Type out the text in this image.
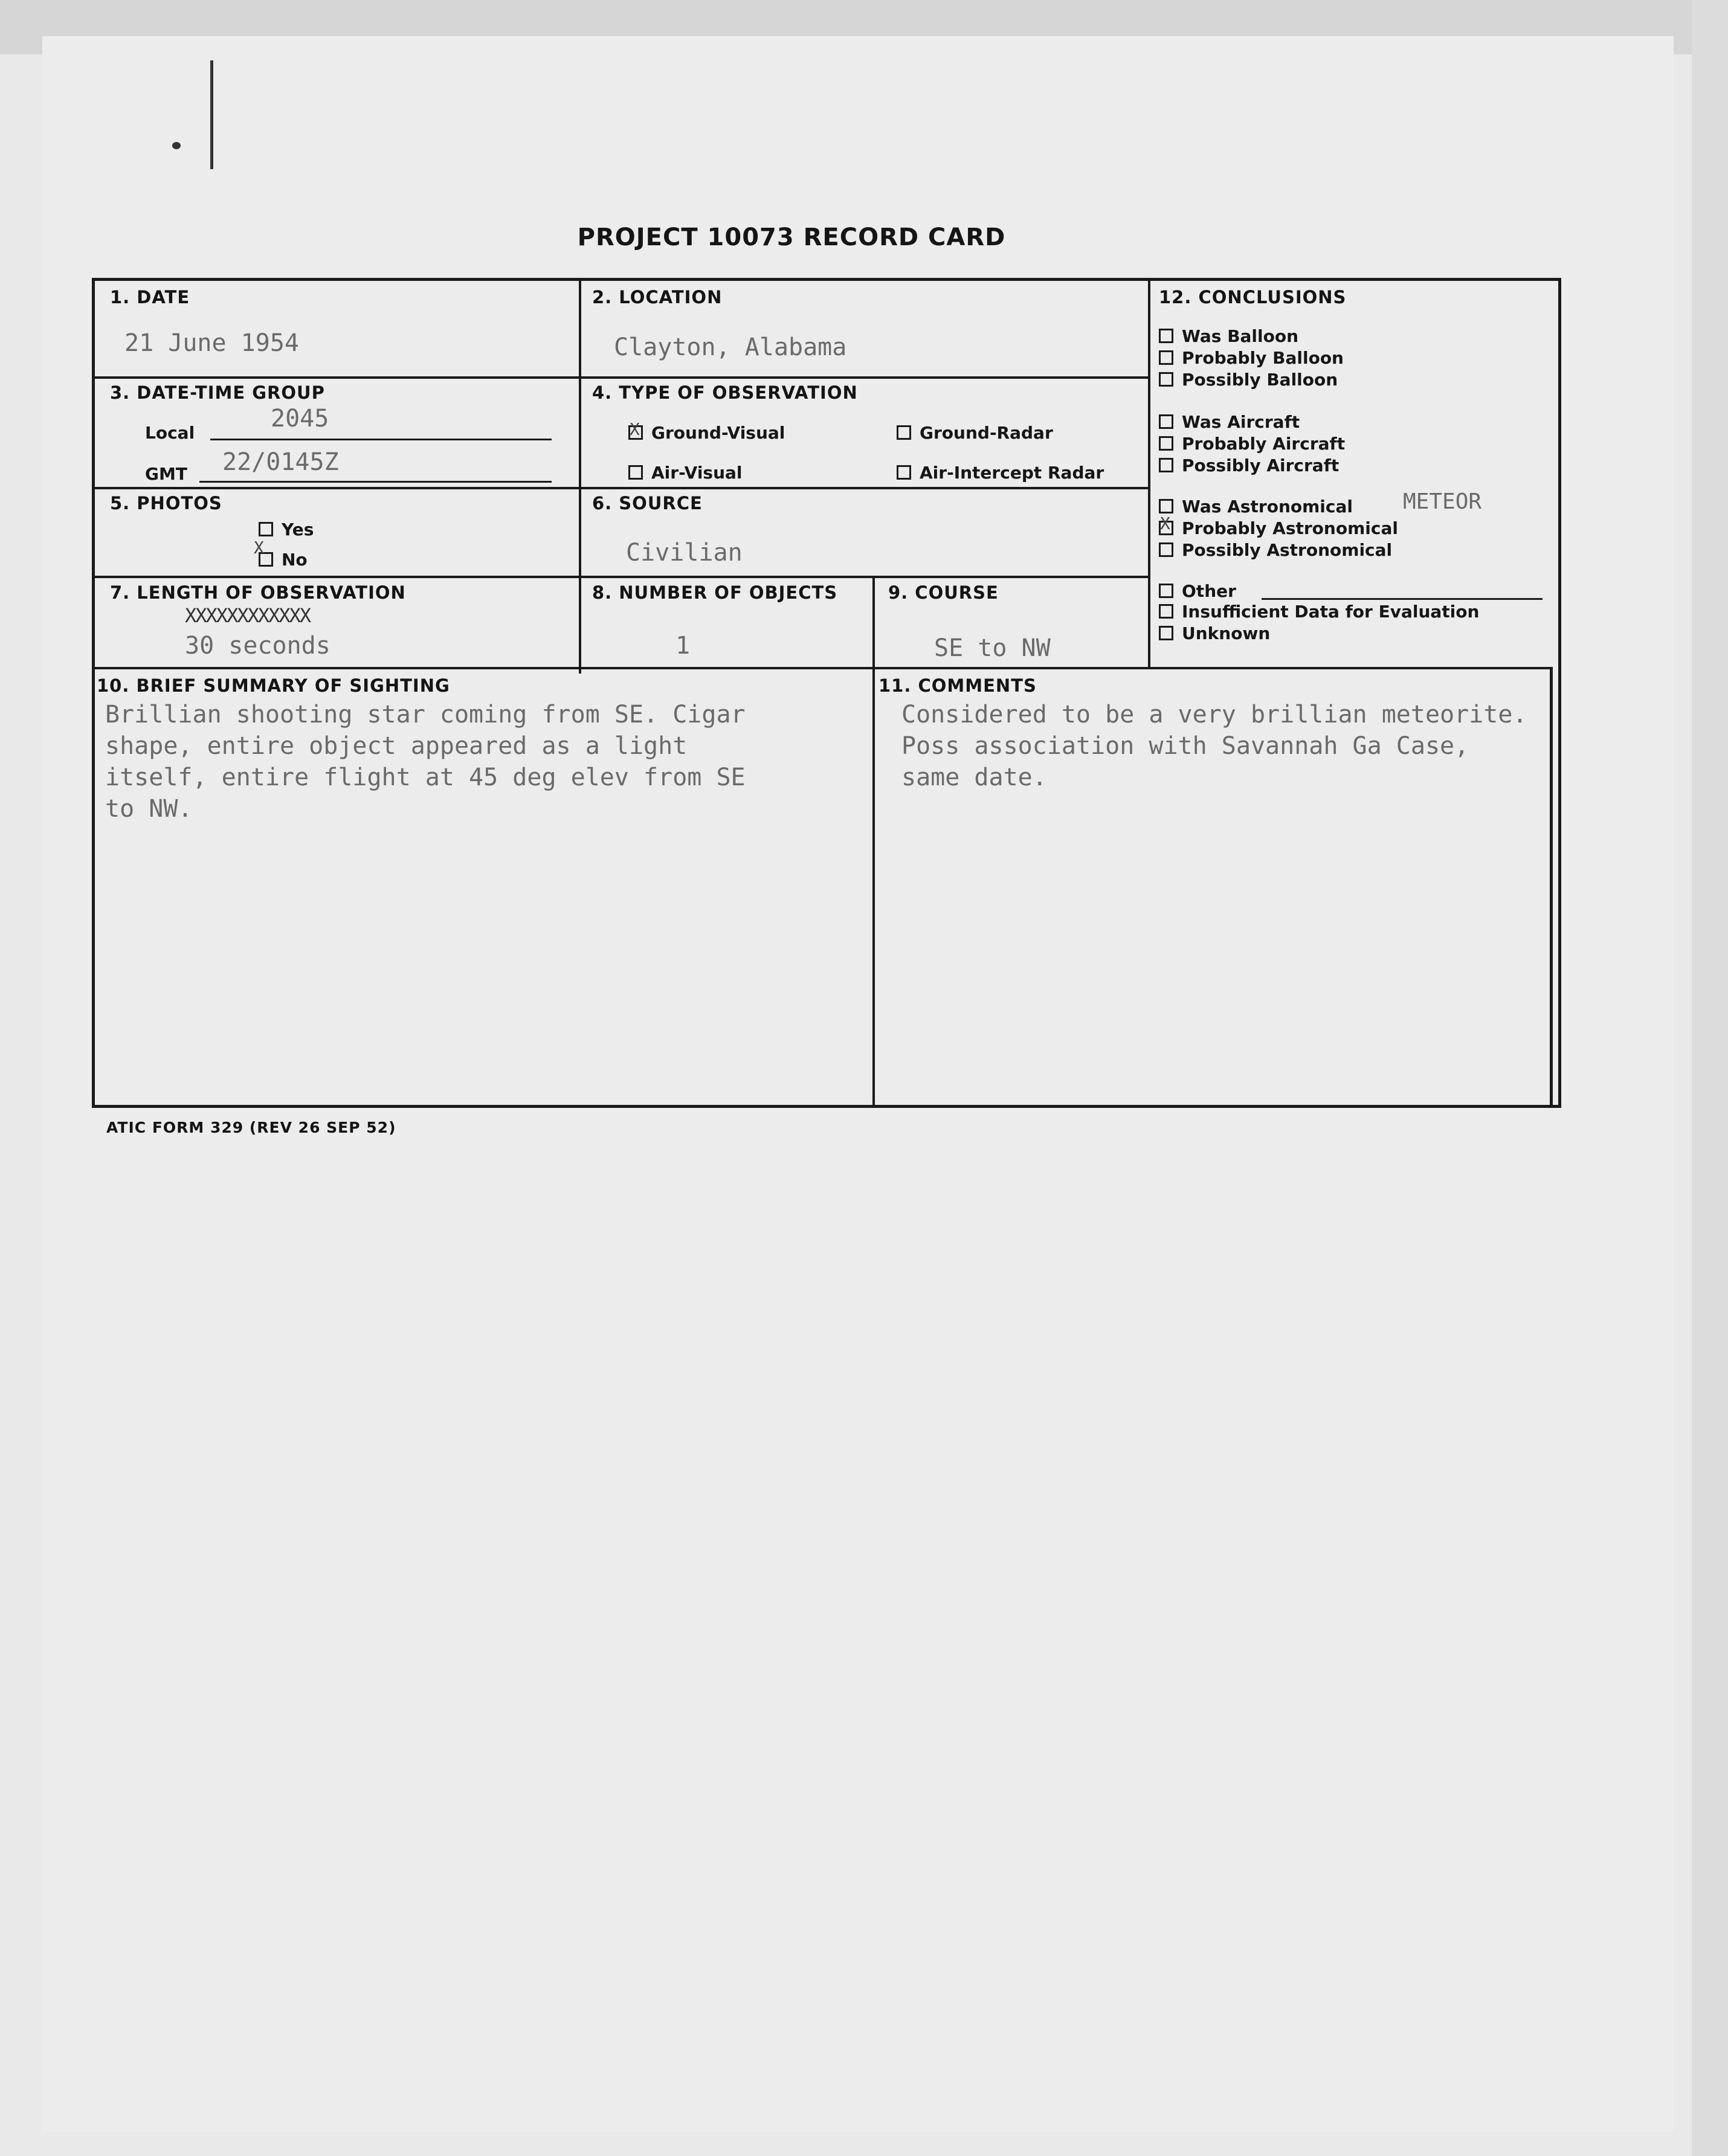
PROJECT 10073 RECORD CARD
1. DATE
21 June 1954
2. LOCATION
Clayton, Alabama
3. DATE-TIME GROUP
Local
2045
GMT 22/0145Z
4. TYPE OF OBSERVATION
Ground-Visual
X	Ground-Radar
Air-Visual	Air-Intercept Radar
5. PHOTOS
Yes
No
X
6. SOURCE
Civilian
7. LENGTH OF OBSERVATION
XXXXXXXXXXXX
30 seconds
8. NUMBER OF OBJECTS
1
9. COURSE
SE to NW
12. CONCLUSIONS
Was Balloon
Probably Balloon
Possibly Balloon
Was Aircraft
Probably Aircraft
Possibly Aircraft
Was Astronomical METEOR
Probably Astronomical
X
Possibly Astronomical
Other
Insufficient Data for Evaluation
Unknown
10. BRIEF SUMMARY OF SIGHTING
Brillian shooting star coming from SE. Cigar
shape, entire object appeared as a light
itself, entire flight at 45 deg elev from SE
to NW.
11. COMMENTS
Considered to be a very brillian meteorite.
Poss association with Savannah Ga Case,
same date.
ATIC FORM 329 (REV 26 SEP 52)
